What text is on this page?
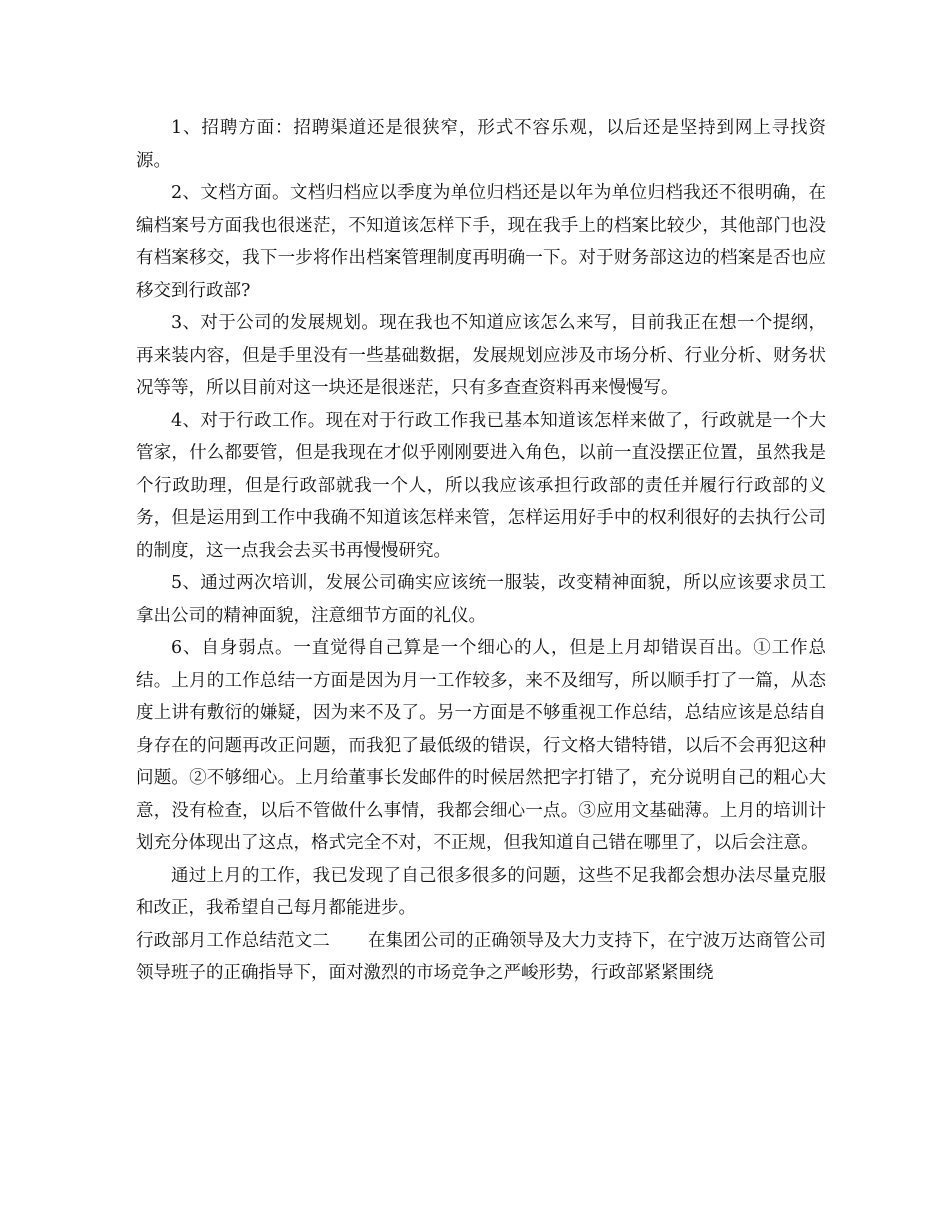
1、招聘方面：招聘渠道还是很狭窄，形式不容乐观，以后还是坚持到网上寻找资源。

2、文档方面。文档归档应以季度为单位归档还是以年为单位归档我还不很明确，在编档案号方面我也很迷茫，不知道该怎样下手，现在我手上的档案比较少，其他部门也没有档案移交，我下一步将作出档案管理制度再明确一下。对于财务部这边的档案是否也应移交到行政部?

3、对于公司的发展规划。现在我也不知道应该怎么来写，目前我正在想一个提纲，再来装内容，但是手里没有一些基础数据，发展规划应涉及市场分析、行业分析、财务状况等等，所以目前对这一块还是很迷茫，只有多查查资料再来慢慢写。

4、对于行政工作。现在对于行政工作我已基本知道该怎样来做了，行政就是一个大管家，什么都要管，但是我现在才似乎刚刚要进入角色，以前一直没摆正位置，虽然我是个行政助理，但是行政部就我一个人，所以我应该承担行政部的责任并履行行政部的义务，但是运用到工作中我确不知道该怎样来管，怎样运用好手中的权利很好的去执行公司的制度，这一点我会去买书再慢慢研究。

5、通过两次培训，发展公司确实应该统一服装，改变精神面貌，所以应该要求员工拿出公司的精神面貌，注意细节方面的礼仪。

6、自身弱点。一直觉得自己算是一个细心的人，但是上月却错误百出。①工作总结。上月的工作总结一方面是因为月一工作较多，来不及细写，所以顺手打了一篇，从态度上讲有敷衍的嫌疑，因为来不及了。另一方面是不够重视工作总结，总结应该是总结自身存在的问题再改正问题，而我犯了最低级的错误，行文格大错特错，以后不会再犯这种问题。②不够细心。上月给董事长发邮件的时候居然把字打错了，充分说明自己的粗心大意，没有检查，以后不管做什么事情，我都会细心一点。③应用文基础薄。上月的培训计划充分体现出了这点，格式完全不对，不正规，但我知道自己错在哪里了，以后会注意。

通过上月的工作，我已发现了自己很多很多的问题，这些不足我都会想办法尽量克服和改正，我希望自己每月都能进步。

行政部月工作总结范文二 在集团公司的正确领导及大力支持下，在宁波万达商管公司领导班子的正确指导下，面对激烈的市场竞争之严峻形势，行政部紧紧围绕
